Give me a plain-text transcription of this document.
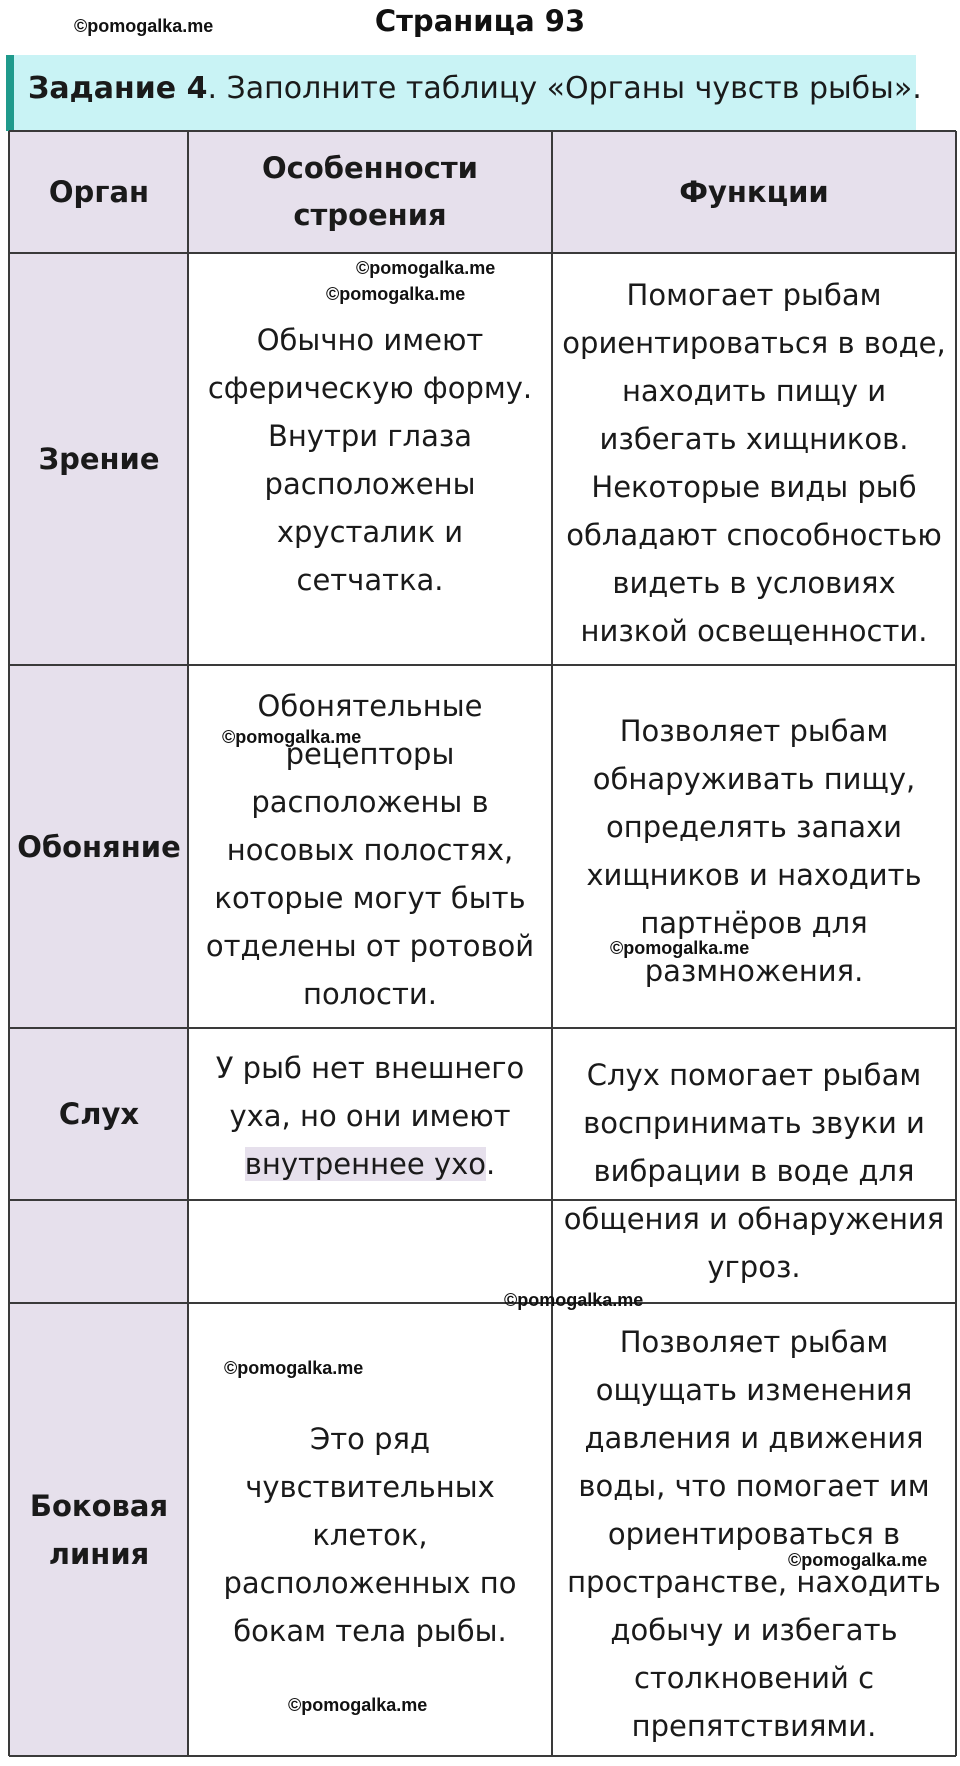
Страница 93
©pomogalka.me
Задание 4. Заполните таблицу «Органы чувств рыбы».
Орган
Особенности строения
Функции
Зрение
Обычно имеют сферическую форму. Внутри глаза расположены хрусталик и сетчатка.
Помогает рыбам ориентироваться в воде, находить пищу и избегать хищников. Некоторые виды рыб обладают способностью видеть в условиях низкой освещенности.
Обоняние
Обонятельные рецепторы расположены в носовых полостях, которые могут быть отделены от ротовой полости.
Позволяет рыбам обнаруживать пищу, определять запахи хищников и находить партнёров для размножения.
Слух
У рыб нет внешнего уха, но они имеют внутреннее ухо.
Слух помогает рыбам воспринимать звуки и вибрации в воде для общения и обнаружения угроз.
Боковая линия
Это ряд чувствительных клеток, расположенных по бокам тела рыбы.
Позволяет рыбам ощущать изменения давления и движения воды, что помогает им ориентироваться в пространстве, находить добычу и избегать столкновений с препятствиями.
©pomogalka.me
©pomogalka.me
©pomogalka.me
©pomogalka.me
©pomogalka.me
©pomogalka.me
©pomogalka.me
©pomogalka.me
